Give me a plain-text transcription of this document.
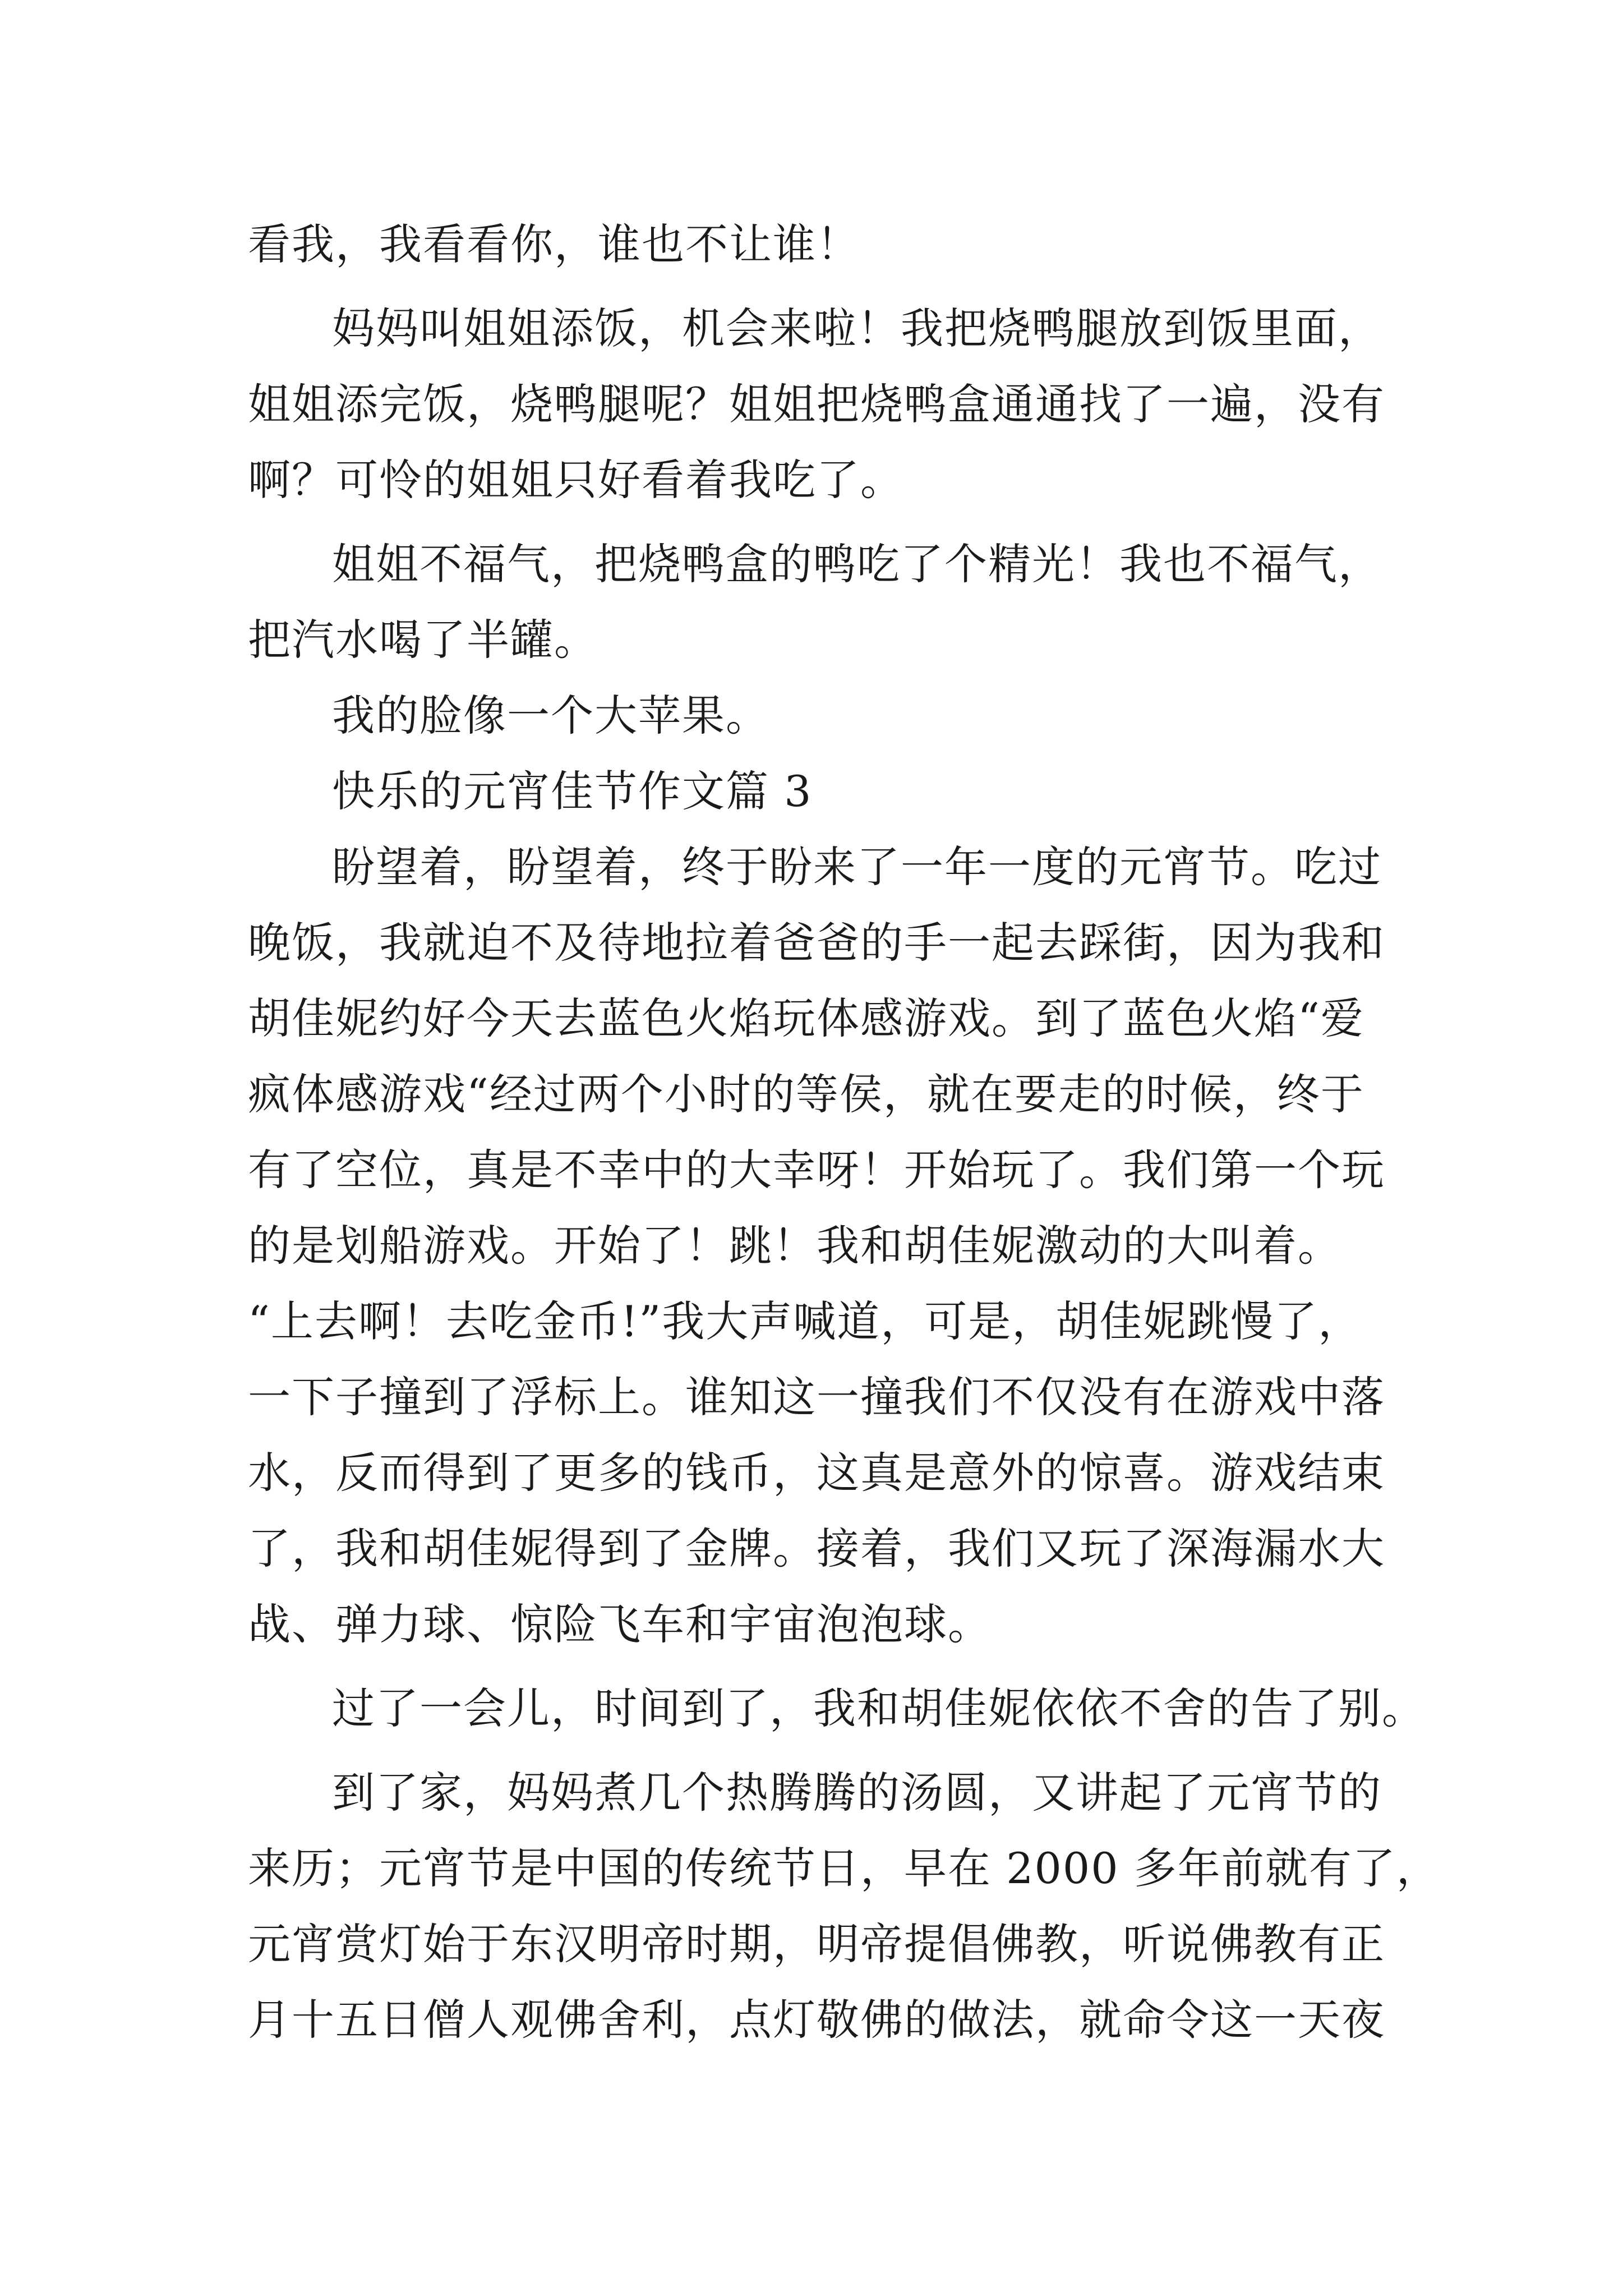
看我，我看看你，谁也不让谁！

妈妈叫姐姐添饭，机会来啦！我把烧鸭腿放到饭里面，

姐姐添完饭，烧鸭腿呢？姐姐把烧鸭盒通通找了一遍，没有

啊？可怜的姐姐只好看着我吃了。

姐姐不福气，把烧鸭盒的鸭吃了个精光！我也不福气，

把汽水喝了半罐。

我的脸像一个大苹果。

快乐的元宵佳节作文篇 3

盼望着，盼望着，终于盼来了一年一度的元宵节。吃过

晚饭，我就迫不及待地拉着爸爸的手一起去踩街，因为我和

胡佳妮约好今天去蓝色火焰玩体感游戏。到了蓝色火焰“爱

疯体感游戏“经过两个小时的等侯，就在要走的时候，终于

有了空位，真是不幸中的大幸呀！开始玩了。我们第一个玩

的是划船游戏。开始了！跳！我和胡佳妮激动的大叫着。

“上去啊！去吃金币!”我大声喊道，可是，胡佳妮跳慢了，

一下子撞到了浮标上。谁知这一撞我们不仅没有在游戏中落

水，反而得到了更多的钱币，这真是意外的惊喜。游戏结束

了，我和胡佳妮得到了金牌。接着，我们又玩了深海漏水大

战、弹力球、惊险飞车和宇宙泡泡球。

过了一会儿，时间到了，我和胡佳妮依依不舍的告了别。

到了家，妈妈煮几个热腾腾的汤圆，又讲起了元宵节的

来历；元宵节是中国的传统节日，早在 2000 多年前就有了，

元宵赏灯始于东汉明帝时期，明帝提倡佛教，听说佛教有正

月十五日僧人观佛舍利，点灯敬佛的做法，就命令这一天夜
